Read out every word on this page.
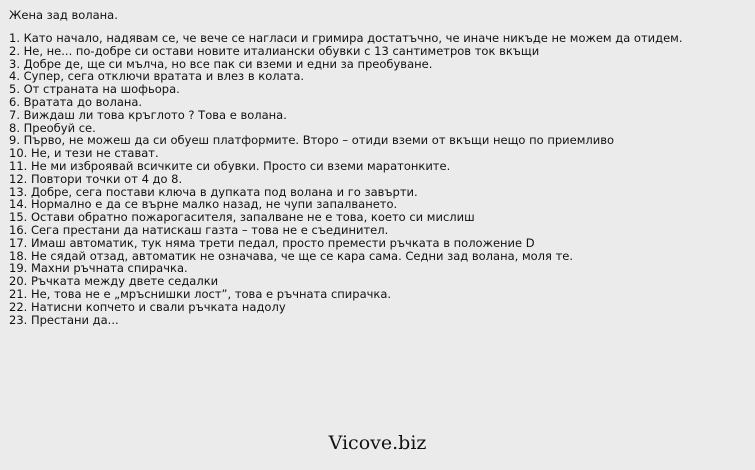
Жена зад волана.
1. Като начало, надявам се, че вече се нагласи и гримира достатъчно, че иначе никъде не можем да отидем.
2. Не, не... по-добре си остави новите италиански обувки с 13 сантиметров ток вкъщи
3. Добре де, ще си мълча, но все пак си вземи и едни за преобуване.
4. Супер, сега отключи вратата и влез в колата.
5. От страната на шофьора.
6. Вратата до волана.
7. Виждаш ли това кръглото ? Това е волана.
8. Преобуй се.
9. Първо, не можеш да си обуеш платформите. Второ – отиди вземи от вкъщи нещо по приемливо
10. Не, и тези не стават.
11. Не ми изброявай всичките си обувки. Просто си вземи маратонките.
12. Повтори точки от 4 до 8.
13. Добре, сега постави ключа в дупката под волана и го завърти.
14. Нормално е да се върне малко назад, не чупи запалването.
15. Остави обратно пожарогасителя, запалване не е това, което си мислиш
16. Сега престани да натискаш газта – това не е съединител.
17. Имаш автоматик, тук няма трети педал, просто премести ръчката в положение D
18. Не сядай отзад, автоматик не означава, че ще се кара сама. Седни зад волана, моля те.
19. Махни ръчната спирачка.
20. Ръчката между двете седалки
21. Не, това не е „мръснишки лост”, това е ръчната спирачка.
22. Натисни копчето и свали ръчката надолу
23. Престани да...
Vicove.biz
